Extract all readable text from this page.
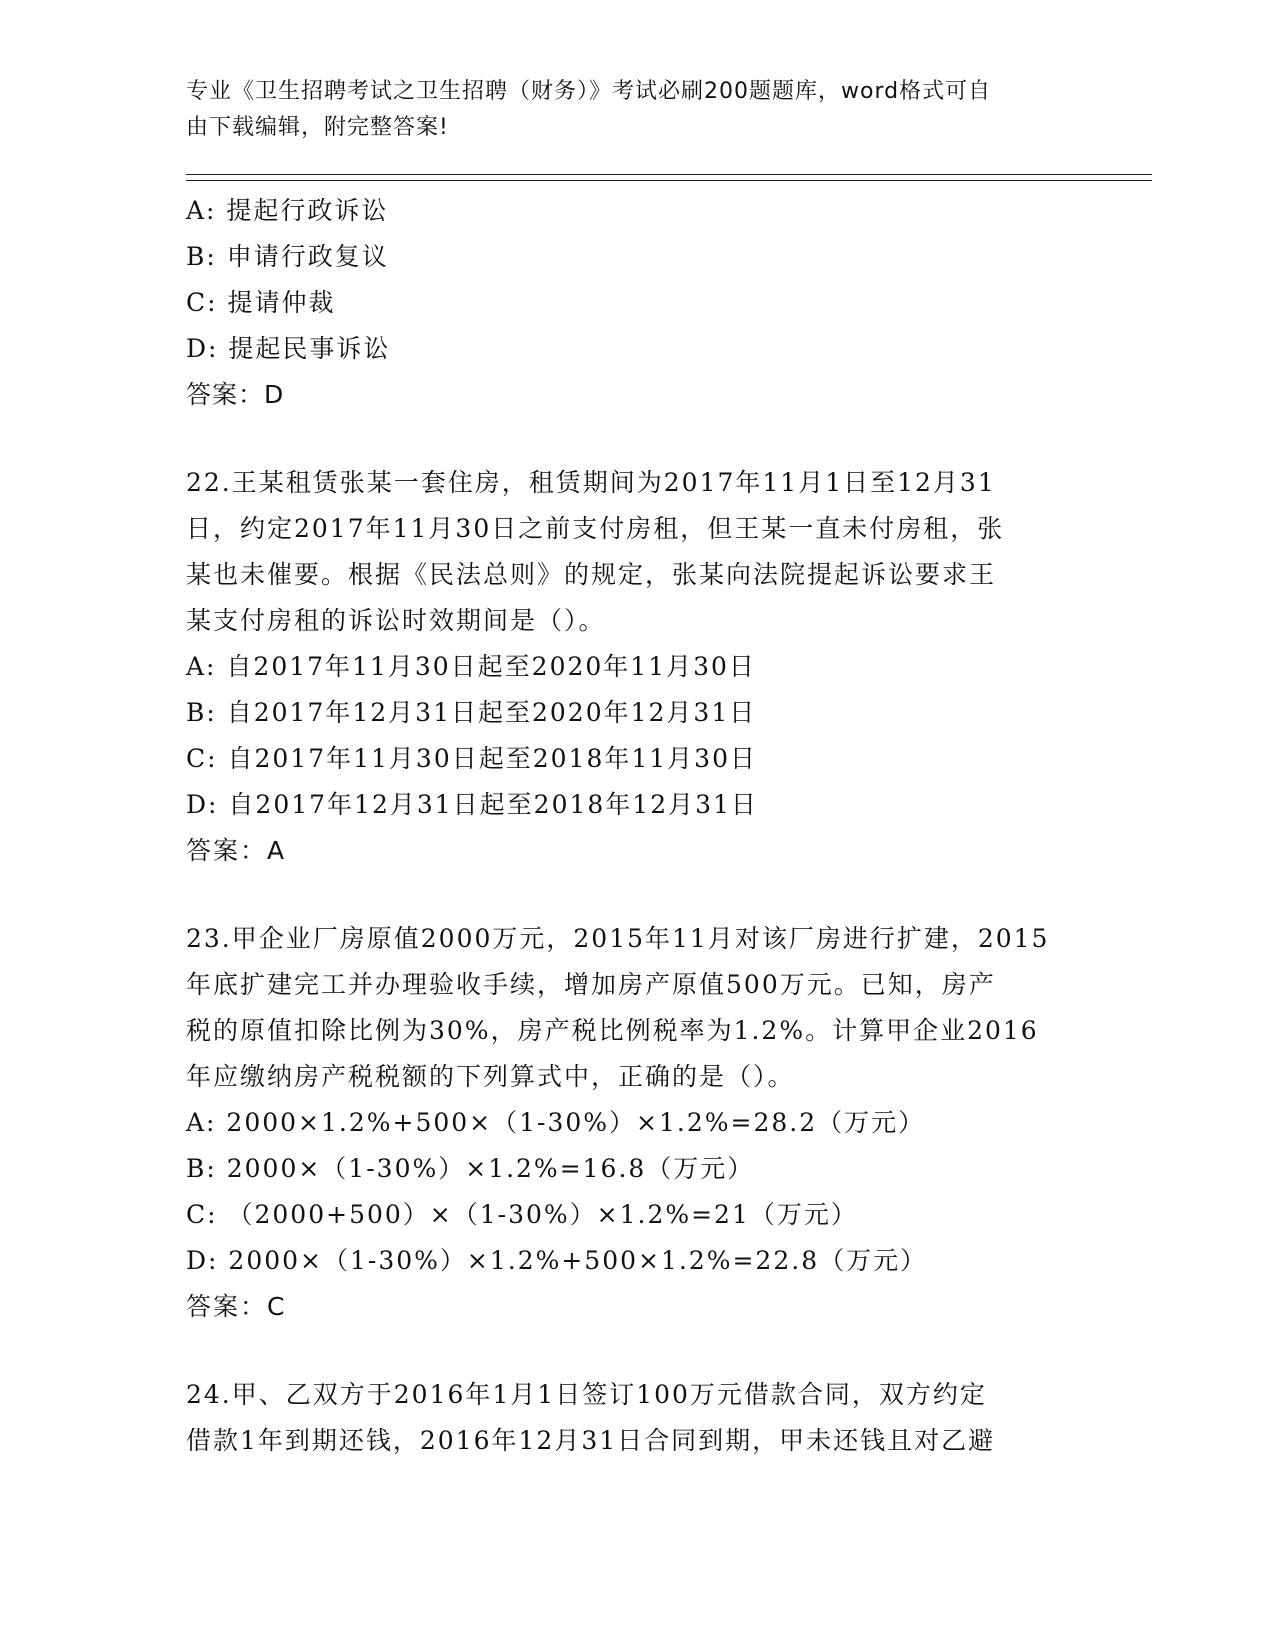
专业《卫生招聘考试之卫生招聘（财务）》考试必刷200题题库，word格式可自
由下载编辑，附完整答案!
A: 提起行政诉讼
B: 申请行政复议
C: 提请仲裁
D: 提起民事诉讼
答案：D
22.王某租赁张某一套住房，租赁期间为2017年11月1日至12月31
日，约定2017年11月30日之前支付房租，但王某一直未付房租，张
某也未催要。根据《民法总则》的规定，张某向法院提起诉讼要求王
某支付房租的诉讼时效期间是（）。
A: 自2017年11月30日起至2020年11月30日
B: 自2017年12月31日起至2020年12月31日
C: 自2017年11月30日起至2018年11月30日
D: 自2017年12月31日起至2018年12月31日
答案：A
23.甲企业厂房原值2000万元，2015年11月对该厂房进行扩建，2015
年底扩建完工并办理验收手续，增加房产原值500万元。已知，房产
税的原值扣除比例为30%，房产税比例税率为1.2%。计算甲企业2016
年应缴纳房产税税额的下列算式中，正确的是（）。
A: 2000×1.2%+500×（1-30%）×1.2%=28.2（万元）
B: 2000×（1-30%）×1.2%=16.8（万元）
C: （2000+500）×（1-30%）×1.2%=21（万元）
D: 2000×（1-30%）×1.2%+500×1.2%=22.8（万元）
答案：C
24.甲、乙双方于2016年1月1日签订100万元借款合同，双方约定
借款1年到期还钱，2016年12月31日合同到期，甲未还钱且对乙避
